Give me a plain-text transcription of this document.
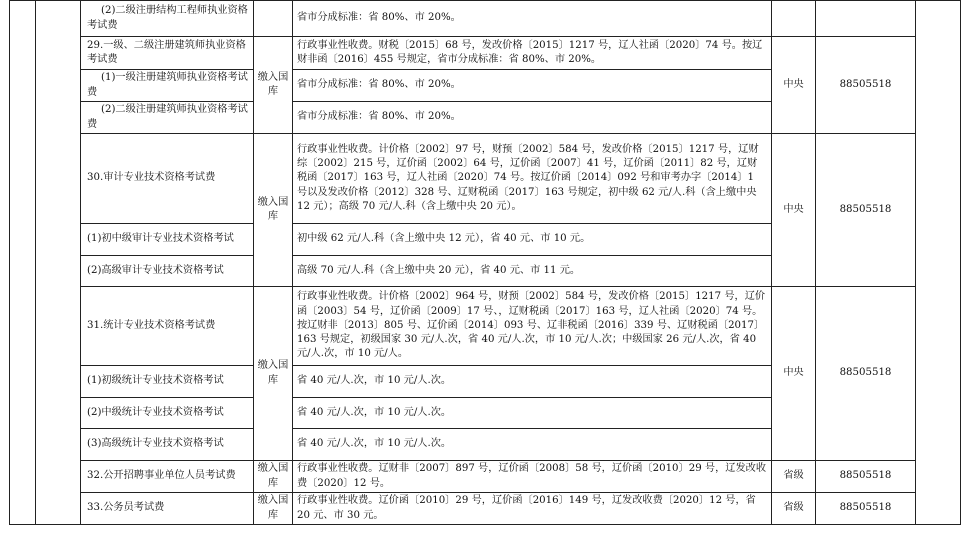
		(2)二级注册结构工程师执业资格考试费		省市分成标准：省 80%、市 20%。			
		29.一级、二级注册建筑师执业资格考试费	缴入国库	行政事业性收费。财税〔2015〕68 号，发改价格〔2015〕1217 号，辽人社函〔2020〕74 号。按辽财非函〔2016〕455 号规定，省市分成标准：省 80%、市 20%。	中央	88505518	
		(1)一级注册建筑师执业资格考试费		省市分成标准：省 80%、市 20%。			
		(2)二级注册建筑师执业资格考试费		省市分成标准：省 80%、市 20%。			
		30.审计专业技术资格考试费	缴入国库	行政事业性收费。计价格〔2002〕97 号，财预〔2002〕584 号，发改价格〔2015〕1217 号，辽财综〔2002〕215 号，辽价函〔2002〕64 号，辽价函〔2007〕41 号，辽价函〔2011〕82 号，辽财税函〔2017〕163 号，辽人社函〔2020〕74 号。按辽价函〔2014〕092 号和审考办字〔2014〕1 号以及发改价格〔2012〕328 号、辽财税函〔2017〕163 号规定，初中级 62 元/人.科（含上缴中央 12 元）；高级 70 元/人.科（含上缴中央 20 元）。	中央	88505518	
		(1)初中级审计专业技术资格考试		初中级 62 元/人.科（含上缴中央 12 元），省 40 元、市 10 元。			
		(2)高级审计专业技术资格考试		高级 70 元/人.科（含上缴中央 20 元），省 40 元、市 11 元。			
		31.统计专业技术资格考试费	缴入国库	行政事业性收费。计价格〔2002〕964 号，财预〔2002〕584 号，发改价格〔2015〕1217 号，辽价函〔2003〕54 号，辽价函〔2009〕17 号、，辽财税函〔2017〕163 号，辽人社函〔2020〕74 号。按辽财非〔2013〕805 号、辽价函〔2014〕093 号、辽非税函〔2016〕339 号、辽财税函〔2017〕163 号规定，初级国家 30 元/人.次，省 40 元/人.次，市 10 元/人.次；中级国家 26 元/人.次，省 40 元/人.次，市 10 元/人。	中央	88505518	
		(1)初级统计专业技术资格考试		省 40 元/人.次，市 10 元/人.次。			
		(2)中级统计专业技术资格考试		省 40 元/人.次，市 10 元/人.次。			
		(3)高级统计专业技术资格考试		省 40 元/人.次，市 10 元/人.次。			
		32.公开招聘事业单位人员考试费	缴入国库	行政事业性收费。辽财非〔2007〕897 号，辽价函〔2008〕58 号，辽价函〔2010〕29 号，辽发改收费〔2020〕12 号。	省级	88505518	
		33.公务员考试费	缴入国库	行政事业性收费。辽价函〔2010〕29 号，辽价函〔2016〕149 号，辽发改收费〔2020〕12 号，省 20 元、市 30 元。	省级	88505518	
